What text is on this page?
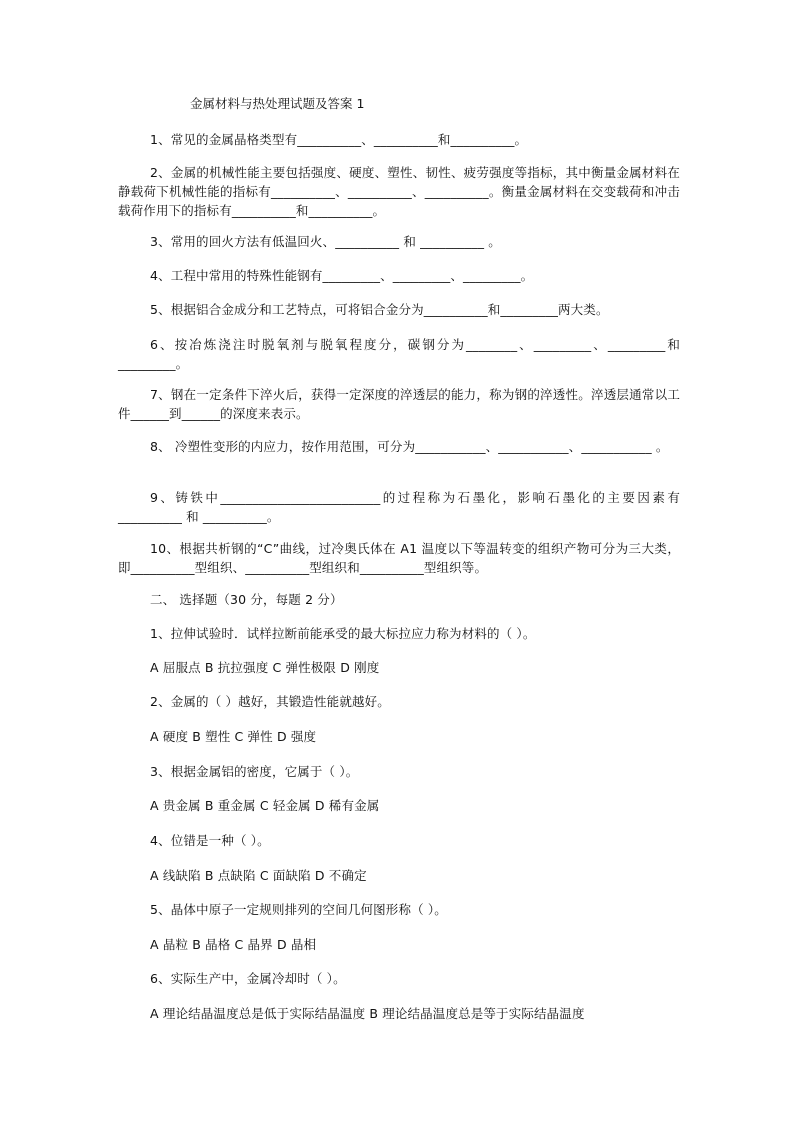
金属材料与热处理试题及答案 1
1、常见的金属晶格类型有__________、__________和__________。
2、金属的机械性能主要包括强度、硬度、塑性、韧性、疲劳强度等指标，其中衡量金属材料在静载荷下机械性能的指标有__________、__________、__________。衡量金属材料在交变载荷和冲击载荷作用下的指标有__________和__________。
3、常用的回火方法有低温回火、__________ 和 __________ 。
4、工程中常用的特殊性能钢有_________、_________、_________。
5、根据铝合金成分和工艺特点，可将铝合金分为__________和_________两大类。
6、按冶炼浇注时脱氧剂与脱氧程度分，碳钢分为________、_________、_________和_________。
7、钢在一定条件下淬火后，获得一定深度的淬透层的能力，称为钢的淬透性。淬透层通常以工件______到______的深度来表示。
8、 冷塑性变形的内应力，按作用范围，可分为___________、___________、___________ 。
9、铸铁中_________________________的过程称为石墨化，影响石墨化的主要因素有__________ 和 __________。
10、根据共析钢的“C”曲线，过冷奥氏体在 A1 温度以下等温转变的组织产物可分为三大类，即__________型组织、__________型组织和__________型组织等。
二、 选择题（30 分，每题 2 分）
1、拉伸试验时．试样拉断前能承受的最大标拉应力称为材料的（ ）。
A 屈服点 B 抗拉强度 C 弹性极限 D 刚度
2、金属的（ ）越好，其锻造性能就越好。
A 硬度 B 塑性 C 弹性 D 强度
3、根据金属铝的密度，它属于（ ）。
A 贵金属 B 重金属 C 轻金属 D 稀有金属
4、位错是一种（ ）。
A 线缺陷 B 点缺陷 C 面缺陷 D 不确定
5、晶体中原子一定规则排列的空间几何图形称（ ）。
A 晶粒 B 晶格 C 晶界 D 晶相
6、实际生产中，金属冷却时（ ）。
A 理论结晶温度总是低于实际结晶温度 B 理论结晶温度总是等于实际结晶温度
